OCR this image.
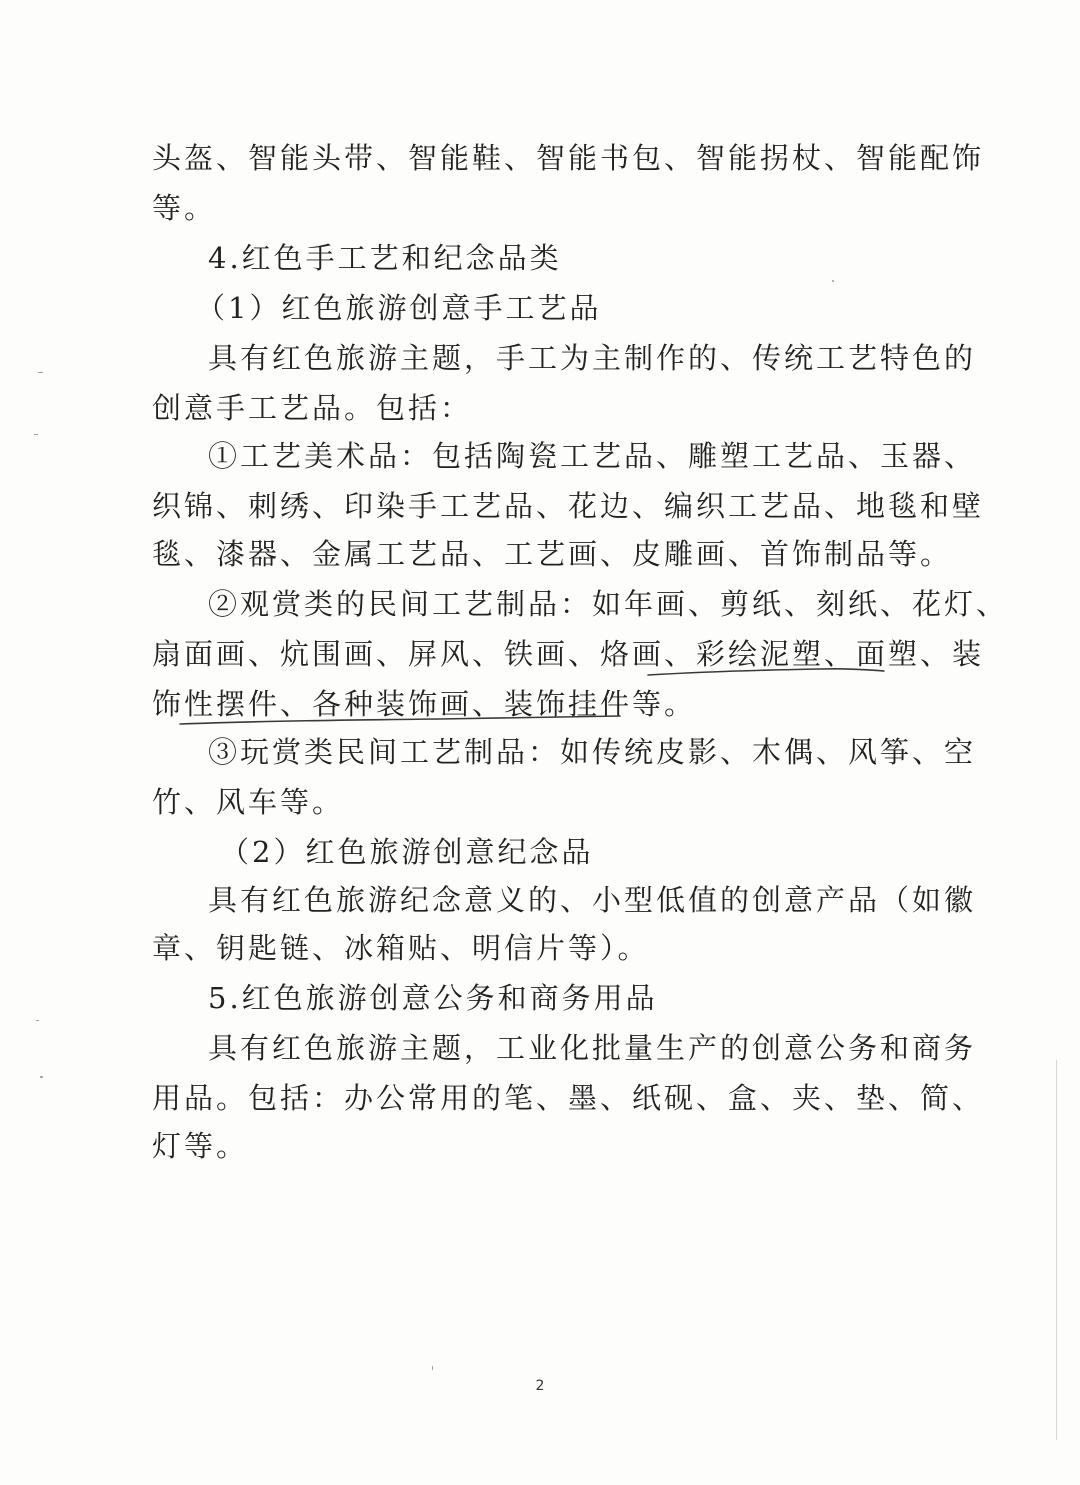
头盔、智能头带、智能鞋、智能书包、智能拐杖、智能配饰
等。
4.红色手工艺和纪念品类
（1）红色旅游创意手工艺品
具有红色旅游主题，手工为主制作的、传统工艺特色的
创意手工艺品。包括：
①工艺美术品：包括陶瓷工艺品、雕塑工艺品、玉器、
织锦、刺绣、印染手工艺品、花边、编织工艺品、地毯和壁
毯、漆器、金属工艺品、工艺画、皮雕画、首饰制品等。
②观赏类的民间工艺制品：如年画、剪纸、刻纸、花灯、
扇面画、炕围画、屏风、铁画、烙画、彩绘泥塑、面塑、装
饰性摆件、各种装饰画、装饰挂件等。
③玩赏类民间工艺制品：如传统皮影、木偶、风筝、空
竹、风车等。
（2）红色旅游创意纪念品
具有红色旅游纪念意义的、小型低值的创意产品（如徽
章、钥匙链、冰箱贴、明信片等）。
5.红色旅游创意公务和商务用品
具有红色旅游主题，工业化批量生产的创意公务和商务
用品。包括：办公常用的笔、墨、纸砚、盒、夹、垫、简、
灯等。
2
